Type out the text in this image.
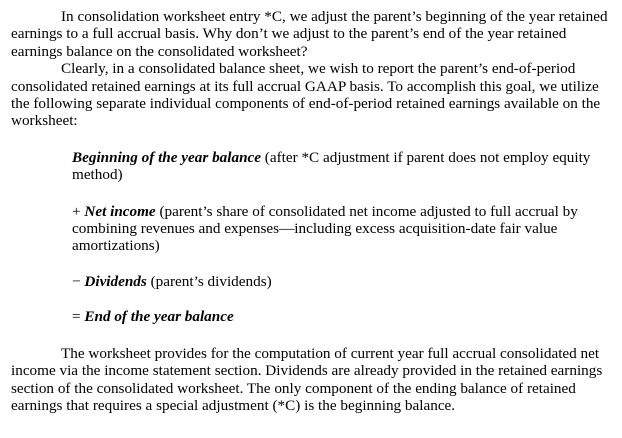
In consolidation worksheet entry *C, we adjust the parent’s beginning of the year retained earnings to a full accrual basis. Why don’t we adjust to the parent’s end of the year retained earnings balance on the consolidated worksheet?

Clearly, in a consolidated balance sheet, we wish to report the parent’s end-of-period consolidated retained earnings at its full accrual GAAP basis. To accomplish this goal, we utilize the following separate individual components of end-of-period retained earnings available on the worksheet:

Beginning of the year balance (after *C adjustment if parent does not employ equity method)

+ Net income (parent’s share of consolidated net income adjusted to full accrual by combining revenues and expenses—including excess acquisition-date fair value amortizations)

− Dividends (parent’s dividends)

= End of the year balance

The worksheet provides for the computation of current year full accrual consolidated net income via the income statement section. Dividends are already provided in the retained earnings section of the consolidated worksheet. The only component of the ending balance of retained earnings that requires a special adjustment (*C) is the beginning balance.
